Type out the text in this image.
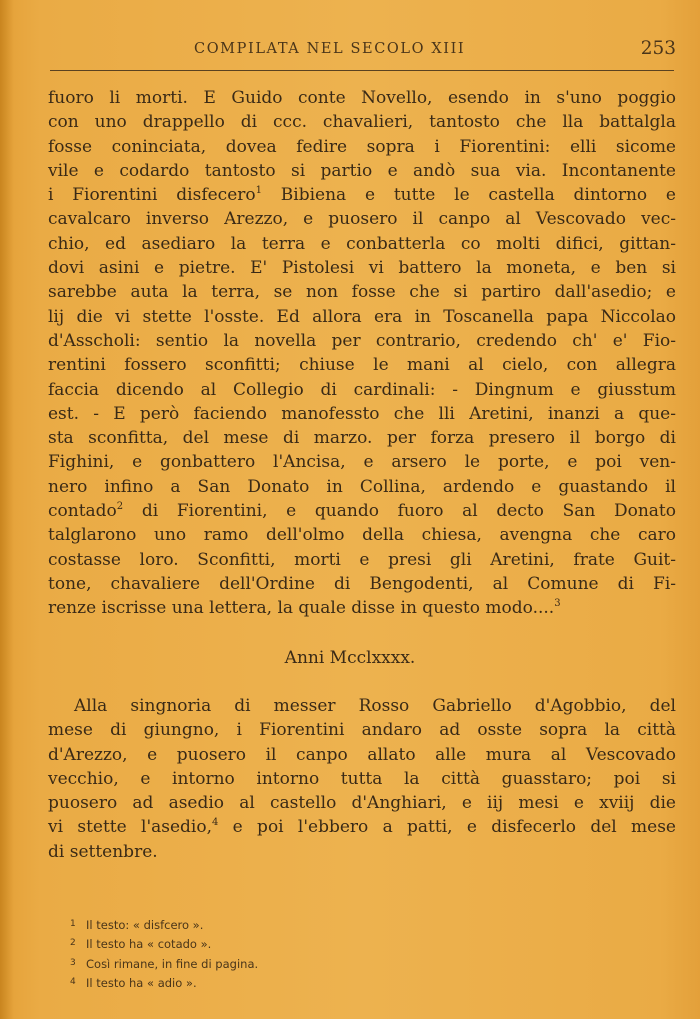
COMPILATA NEL SECOLO XIII	253
fuoro li morti. E Guido conte Novello, esendo in s'uno poggio
con uno drappello di ccc. chavalieri, tantosto che lla battalgla
fosse coninciata, dovea fedire sopra i Fiorentini: elli sicome
vile e codardo tantosto si partio e andò sua via. Incontanente
i Fiorentini disfecero$^1$ Bibiena e tutte le castella dintorno e
cavalcaro inverso Arezzo, e puosero il canpo al Vescovado vec-
chio, ed asediaro la terra e conbatterla co molti difici, gittan-
dovi asini e pietre. E' Pistolesi vi battero la moneta, e ben si
sarebbe auta la terra, se non fosse che si partiro dall'asedio; e
lij die vi stette l'osste. Ed allora era in Toscanella papa Niccolao
d'Asscholi: sentio la novella per contrario, credendo ch' e' Fio-
rentini fossero sconfitti; chiuse le mani al cielo, con allegra
faccia dicendo al Collegio di cardinali: - Dingnum e giusstum
est. - E però faciendo manofessto che lli Aretini, inanzi a que-
sta sconfitta, del mese di marzo. per forza presero il borgo di
Fighini, e gonbattero l'Ancisa, e arsero le porte, e poi ven-
nero infino a San Donato in Collina, ardendo e guastando il
contado$^2$ di Fiorentini, e quando fuoro al decto San Donato
talglarono uno ramo dell'olmo della chiesa, avengna che caro
costasse loro. Sconfitti, morti e presi gli Aretini, frate Guit-
tone, chavaliere dell'Ordine di Bengodenti, al Comune di Fi-
renze iscrisse una lettera, la quale disse in questo modo....$^3$
Anni Mcclxxxx.
Alla singnoria di messer Rosso Gabriello d'Agobbio, del
mese di giungno, i Fiorentini andaro ad osste sopra la città
d'Arezzo, e puosero il canpo allato alle mura al Vescovado
vecchio, e intorno intorno tutta la città guasstaro; poi si
puosero ad asedio al castello d'Anghiari, e iij mesi e xviij die
vi stette l'asedio,$^4$ e poi l'ebbero a patti, e disfecerlo del mese
di settenbre.
1 Il testo: « disfcero ».
2 Il testo ha « cotado ».
3 Così rimane, in fine di pagina.
4 Il testo ha « adio ».
